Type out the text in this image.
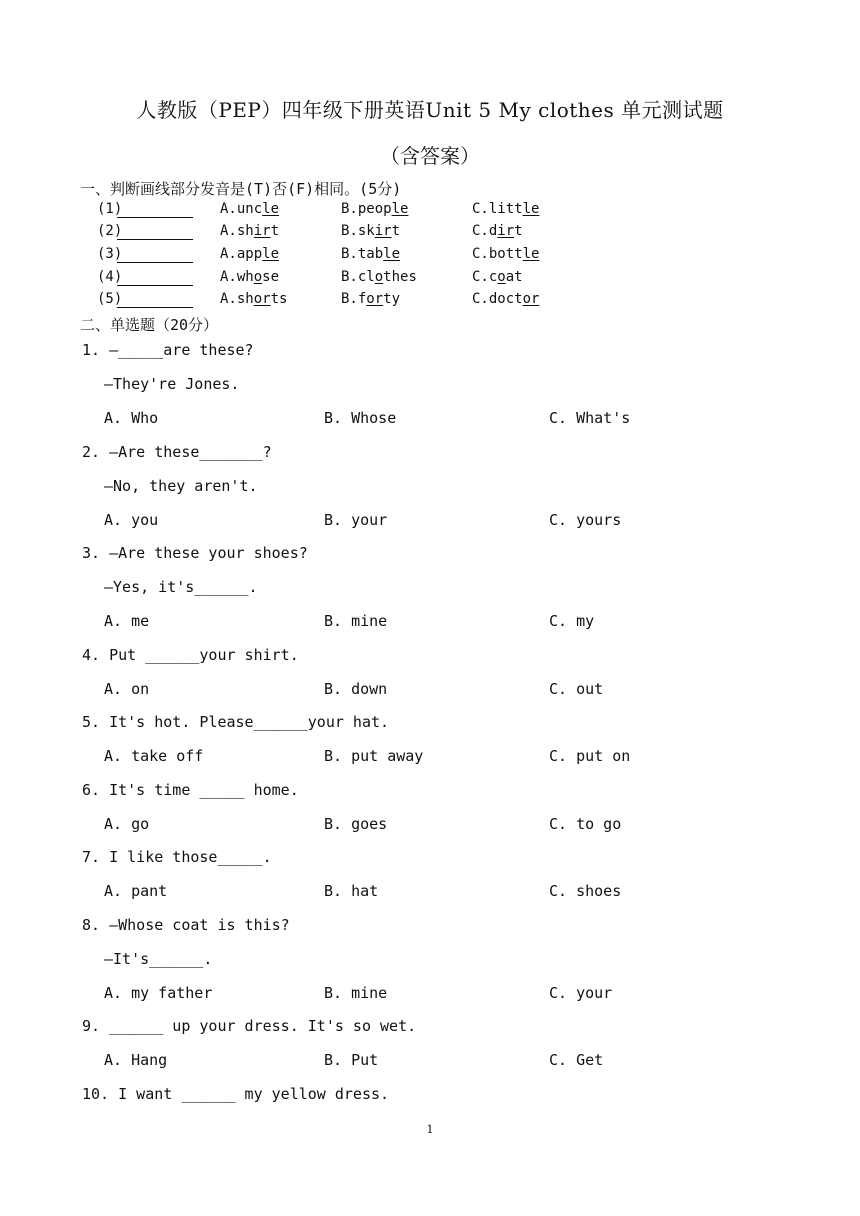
人教版（PEP）四年级下册英语Unit 5 My clothes 单元测试题
（含答案）
一、判断画线部分发音是(T)否(F)相同。(5分)
(1)	A.uncle	B.people	C.little
(2)	A.shirt	B.skirt	C.dirt
(3)	A.apple	B.table	C.bottle
(4)	A.whose	B.clothes	C.coat
(5)	A.shorts	B.forty	C.doctor
二、单选题（20分）
1. —_____are these?
—They're Jones.
A. Who	B. Whose	C. What's
2. —Are these_______?
—No, they aren't.
A. you	B. your	C. yours
3. —Are these your shoes?
—Yes, it's______.
A. me	B. mine	C. my
4. Put ______your shirt.
A. on	B. down	C. out
5. It's hot. Please______your hat.
A. take off	B. put away	C. put on
6. It's time _____ home.
A. go	B. goes	C. to go
7. I like those_____.
A. pant	B. hat	C. shoes
8. —Whose coat is this?
—It's______.
A. my father	B. mine	C. your
9. ______ up your dress. It's so wet.
A. Hang	B. Put	C. Get
10. I want ______ my yellow dress.
1
